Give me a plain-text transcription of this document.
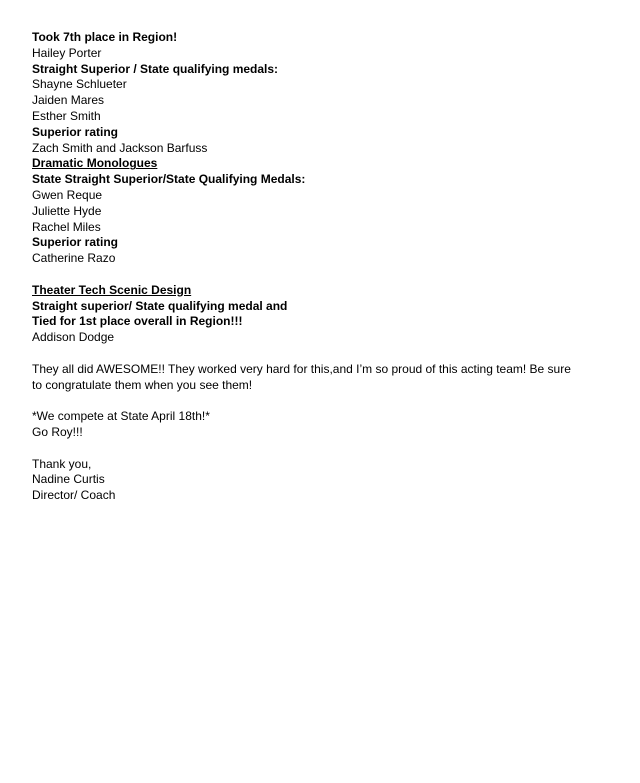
Took 7th place in Region!
Hailey Porter
Straight Superior / State qualifying medals:
Shayne Schlueter
Jaiden Mares
Esther Smith
Superior rating
Zach Smith and Jackson Barfuss
Dramatic Monologues
State Straight Superior/State Qualifying Medals:
Gwen Reque
Juliette Hyde
Rachel Miles
Superior rating
Catherine Razo
Theater Tech Scenic Design
Straight superior/ State qualifying medal and
Tied for 1st place overall in Region!!!
Addison Dodge
They all did AWESOME!! They worked very hard for this,and I’m so proud of this acting team! Be sure to congratulate them when you see them!
*We compete at State April 18th!*
Go Roy!!!
Thank you,
Nadine Curtis
Director/ Coach
